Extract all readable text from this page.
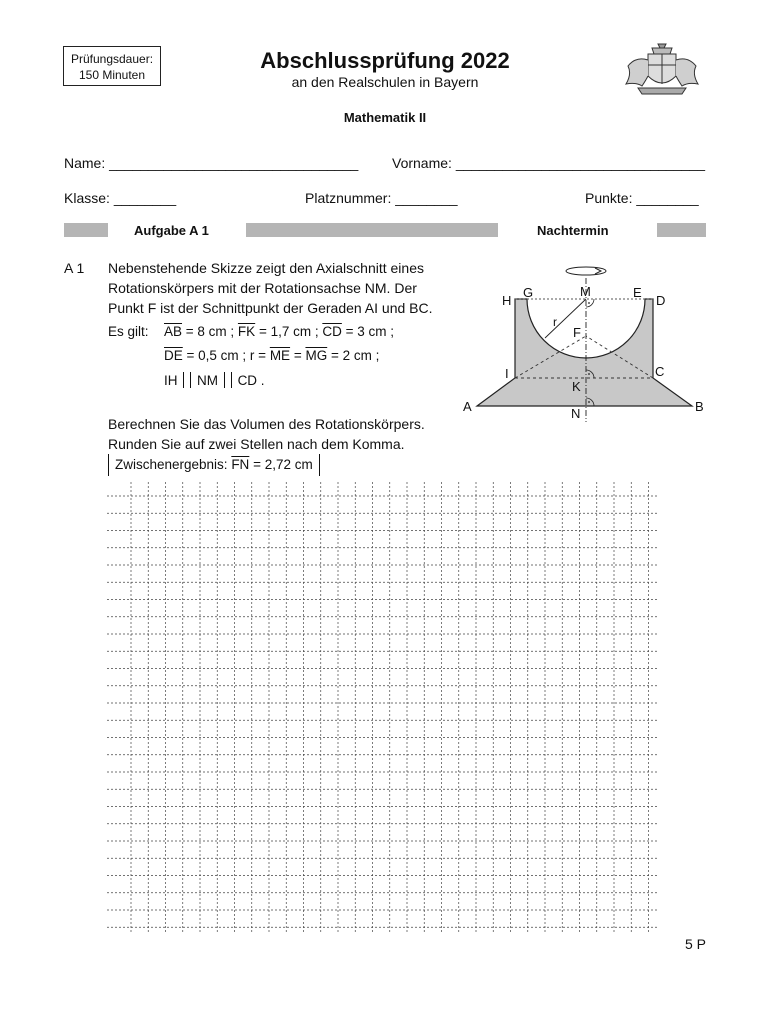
Prüfungsdauer:
150 Minuten
Abschlussprüfung 2022
an den Realschulen in Bayern
Mathematik II
Name: ________________________________ Vorname: ________________________________
Klasse: ________	Platznummer: ________	Punkte: ________
Aufgabe A 1	Nachtermin
A 1 Nebenstehende Skizze zeigt den Axialschnitt eines
Rotationskörpers mit der Rotationsachse NM. Der
Punkt F ist der Schnittpunkt der Geraden AI und BC.
Es gilt: $\overline{AB} = 8$ cm ; $\overline{FK} = 1,7$ cm ; $\overline{CD} = 3$ cm ;
$\overline{DE} = 0,5$ cm ; $r = \overline{ME} = \overline{MG} = 2$ cm ;
IH NM CD .
Berechnen Sie das Volumen des Rotationskörpers.
Runden Sie auf zwei Stellen nach dem Komma.
Zwischenergebnis: $\overline{FN} = 2,72$ cm
H
G	M	E
D
F
r
I	C
K
A	B
N
5 P
